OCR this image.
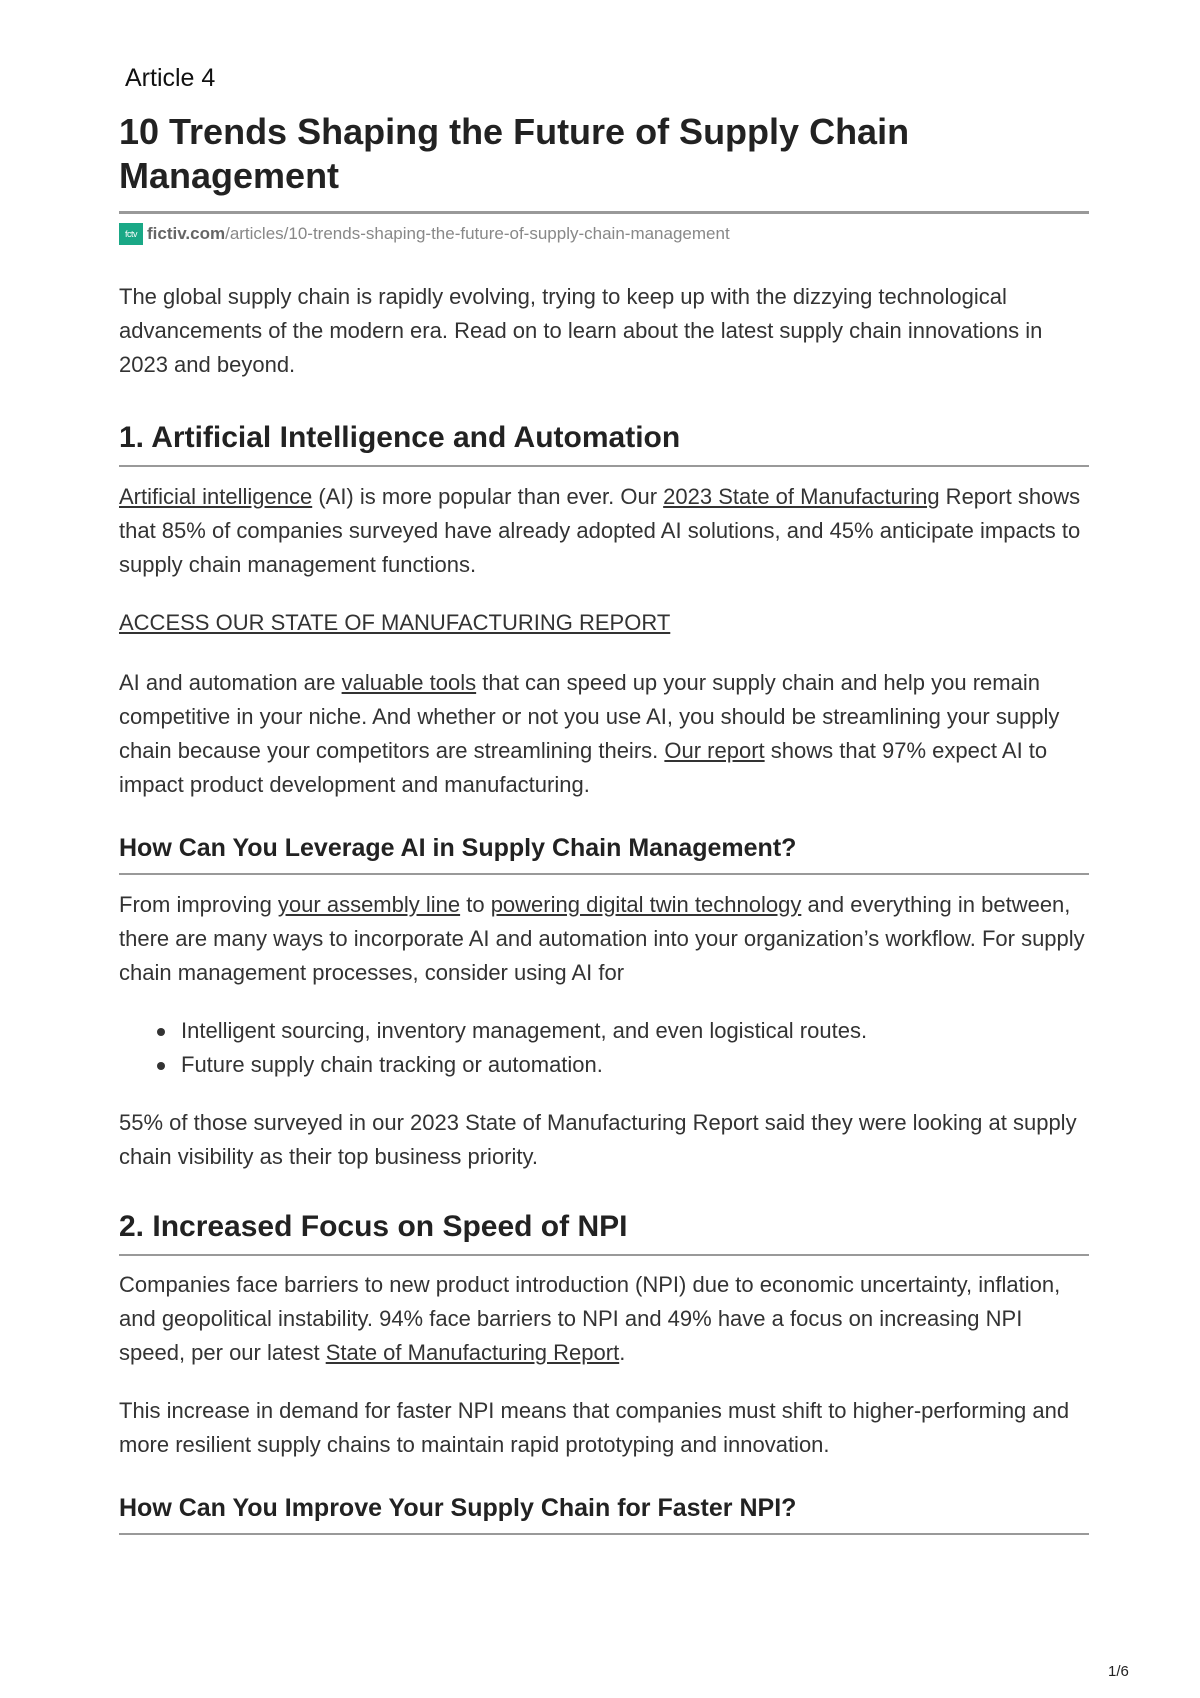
Article 4
10 Trends Shaping the Future of Supply Chain Management
fctv fictiv.com /articles/10-trends-shaping-the-future-of-supply-chain-management

The global supply chain is rapidly evolving, trying to keep up with the dizzying technological advancements of the modern era. Read on to learn about the latest supply chain innovations in 2023 and beyond.

1. Artificial Intelligence and Automation

Artificial intelligence (AI) is more popular than ever. Our 2023 State of Manufacturing Report shows that 85% of companies surveyed have already adopted AI solutions, and 45% anticipate impacts to supply chain management functions.

ACCESS OUR STATE OF MANUFACTURING REPORT

AI and automation are valuable tools that can speed up your supply chain and help you remain competitive in your niche. And whether or not you use AI, you should be streamlining your supply chain because your competitors are streamlining theirs. Our report shows that 97% expect AI to impact product development and manufacturing.

How Can You Leverage AI in Supply Chain Management?

From improving your assembly line to powering digital twin technology and everything in between, there are many ways to incorporate AI and automation into your organization’s workflow. For supply chain management processes, consider using AI for

Intelligent sourcing, inventory management, and even logistical routes.
Future supply chain tracking or automation.

55% of those surveyed in our 2023 State of Manufacturing Report said they were looking at supply chain visibility as their top business priority.

2. Increased Focus on Speed of NPI

Companies face barriers to new product introduction (NPI) due to economic uncertainty, inflation, and geopolitical instability. 94% face barriers to NPI and 49% have a focus on increasing NPI speed, per our latest State of Manufacturing Report.

This increase in demand for faster NPI means that companies must shift to higher-performing and more resilient supply chains to maintain rapid prototyping and innovation.

How Can You Improve Your Supply Chain for Faster NPI?
1/6
